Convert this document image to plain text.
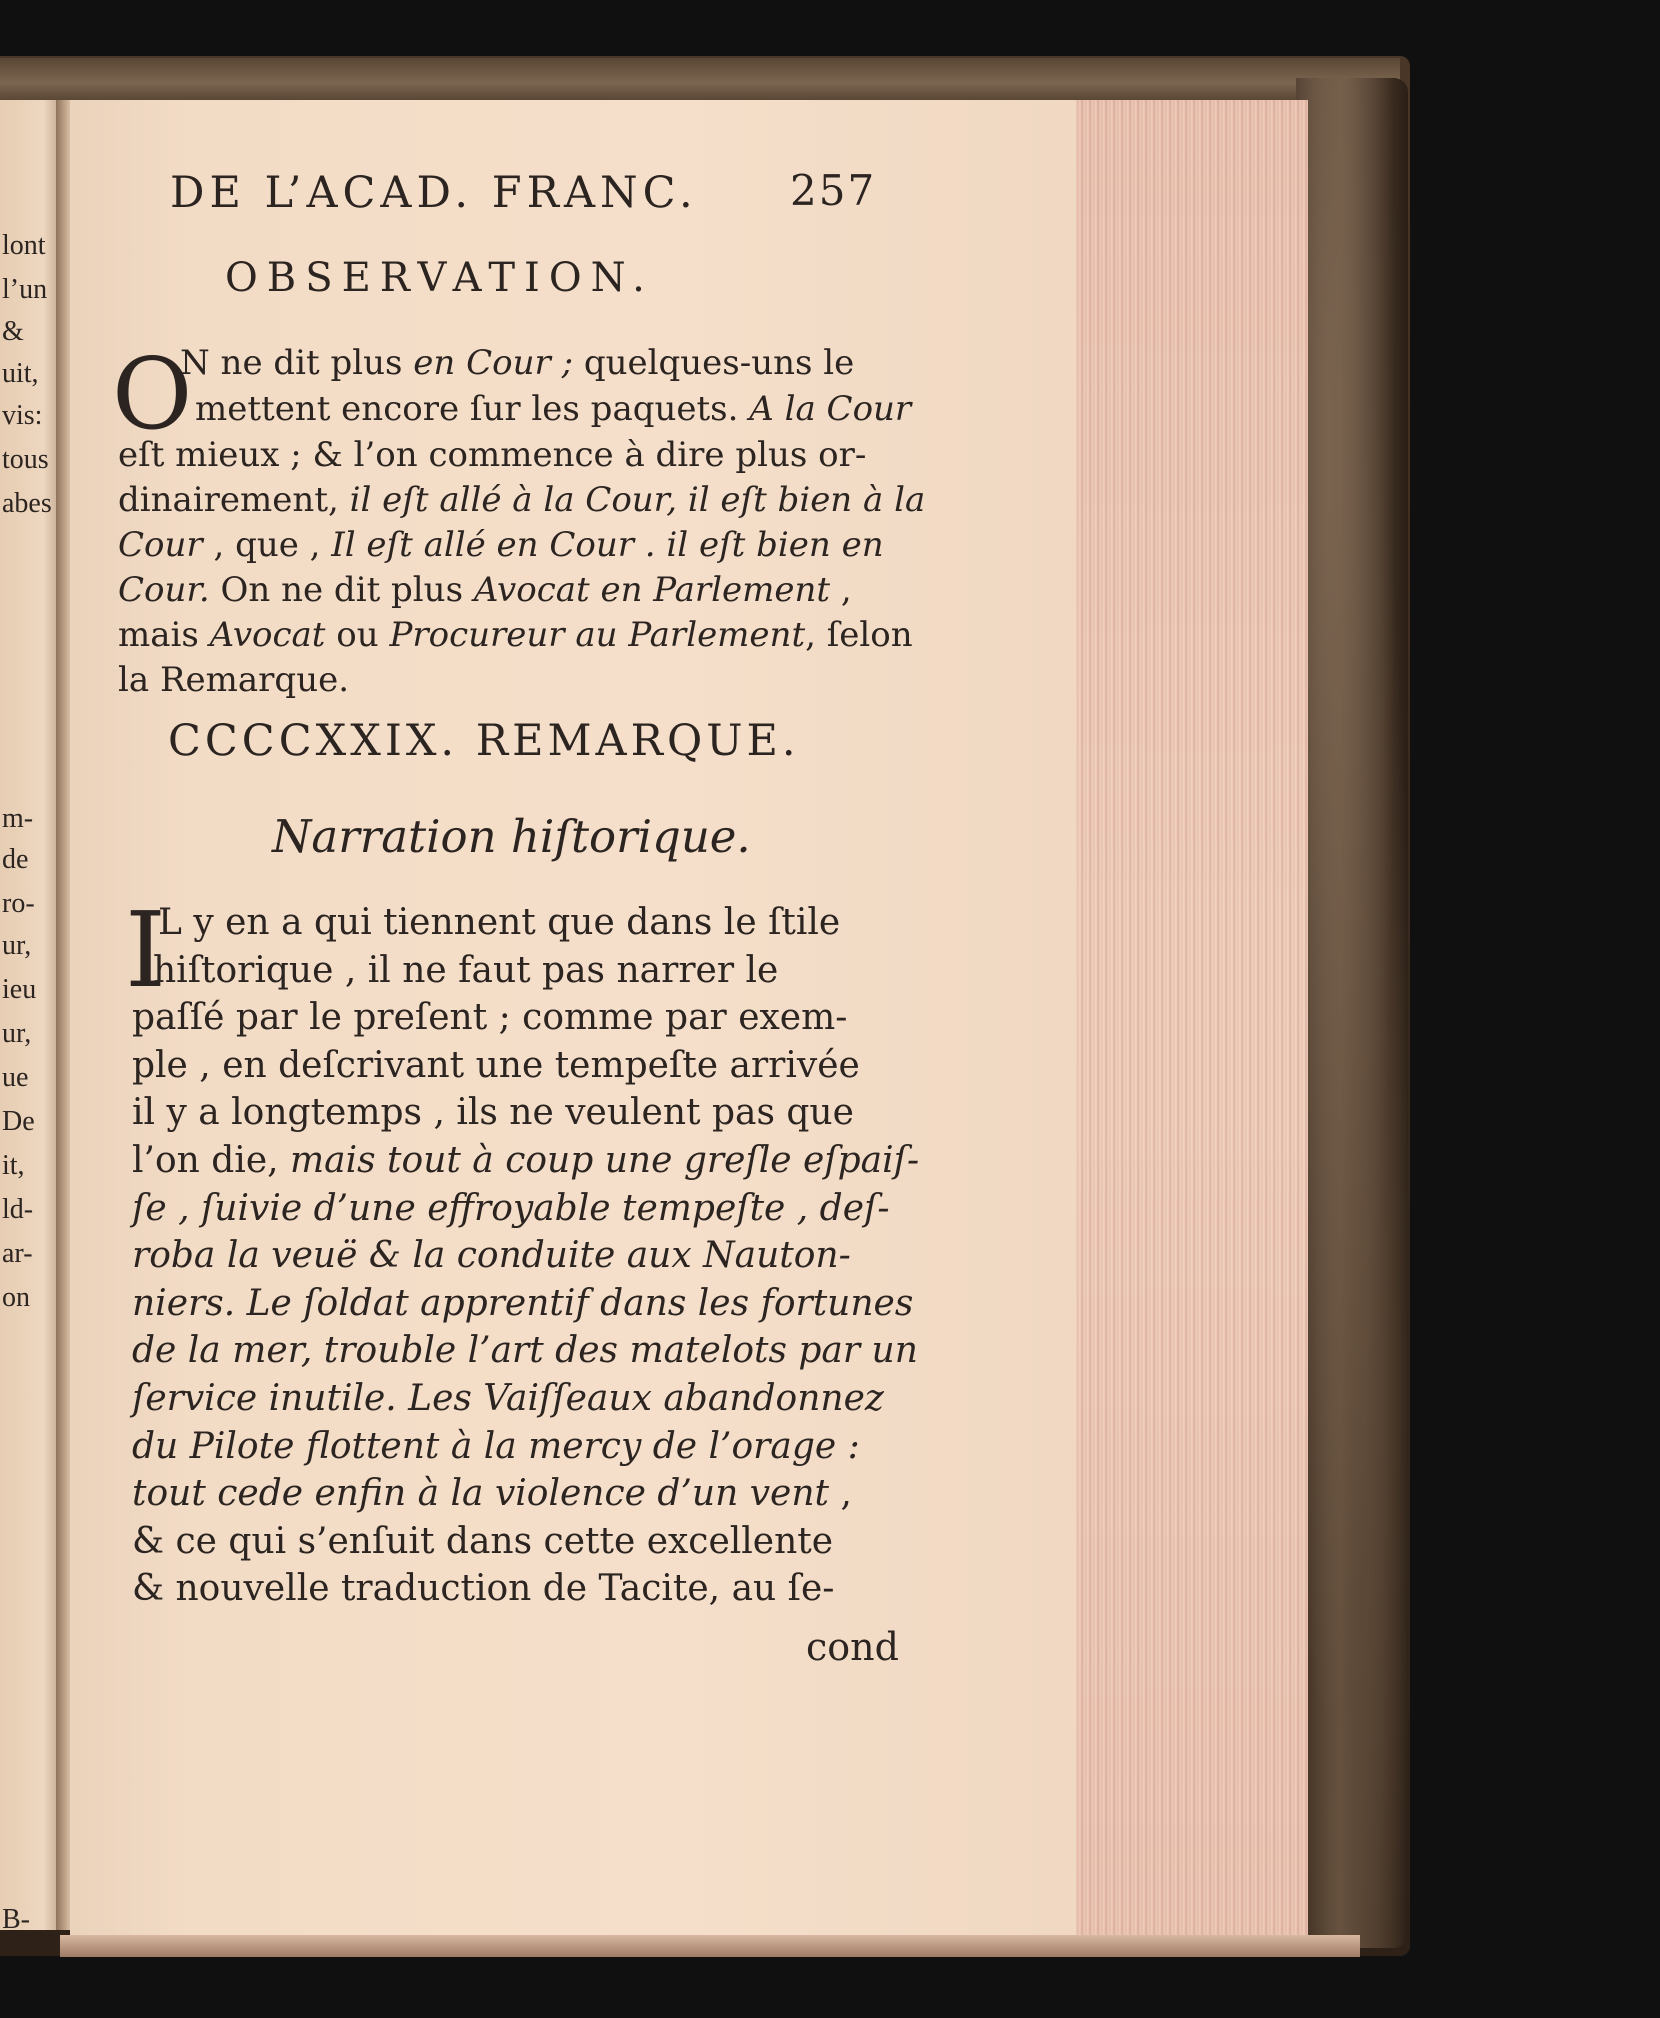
lont
l’un
&
uit,
vis:
tous
abes
m-
de
ro-
ur,
ieu
ur,
ue
De
it,
ld-
ar-
on
B-
DE L’ACAD. FRANC. 257
OBSERVATION.
O
N ne dit plus en Cour ; quelques-uns le
mettent encore ſur les paquets. A la Cour
eſt mieux ; & l’on commence à dire plus or-
dinairement, il eſt allé à la Cour, il eſt bien à la
Cour , que , Il eſt allé en Cour . il eſt bien en
Cour. On ne dit plus Avocat en Parlement ,
mais Avocat ou Procureur au Parlement, ſelon
la Remarque.
CCCCXXIX. REMARQUE.
Narration hiſtorique.
I
L y en a qui tiennent que dans le ſtile
hiſtorique , il ne faut pas narrer le
paſſé par le preſent ; comme par exem-
ple , en deſcrivant une tempeſte arrivée
il y a longtemps , ils ne veulent pas que
l’on die, mais tout à coup une greſle eſpaiſ-
ſe , ſuivie d’une effroyable tempeſte , deſ-
roba la veuë & la conduite aux Nauton-
niers. Le ſoldat apprentif dans les fortunes
de la mer, trouble l’art des matelots par un
ſervice inutile. Les Vaiſſeaux abandonnez
du Pilote flottent à la mercy de l’orage :
tout cede enfin à la violence d’un vent ,
& ce qui s’enſuit dans cette excellente
& nouvelle traduction de Tacite, au ſe-
cond
